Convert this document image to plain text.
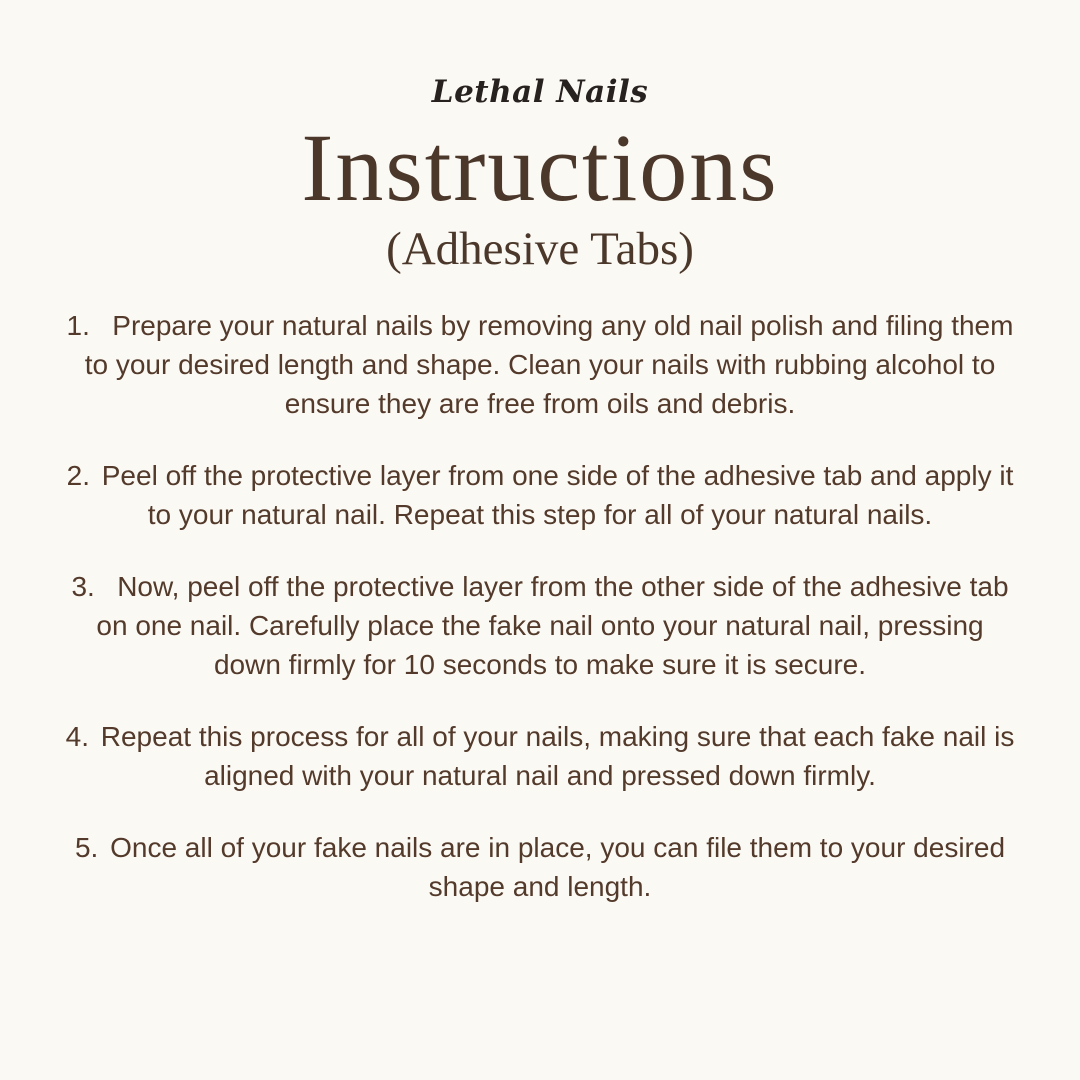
Lethal Nails
Instructions
(Adhesive Tabs)

1. Prepare your natural nails by removing any old nail polish and filing them to your desired length and shape. Clean your nails with rubbing alcohol to ensure they are free from oils and debris.

2. Peel off the protective layer from one side of the adhesive tab and apply it to your natural nail. Repeat this step for all of your natural nails.

3. Now, peel off the protective layer from the other side of the adhesive tab on one nail. Carefully place the fake nail onto your natural nail, pressing down firmly for 10 seconds to make sure it is secure.

4. Repeat this process for all of your nails, making sure that each fake nail is aligned with your natural nail and pressed down firmly.

5. Once all of your fake nails are in place, you can file them to your desired shape and length.
